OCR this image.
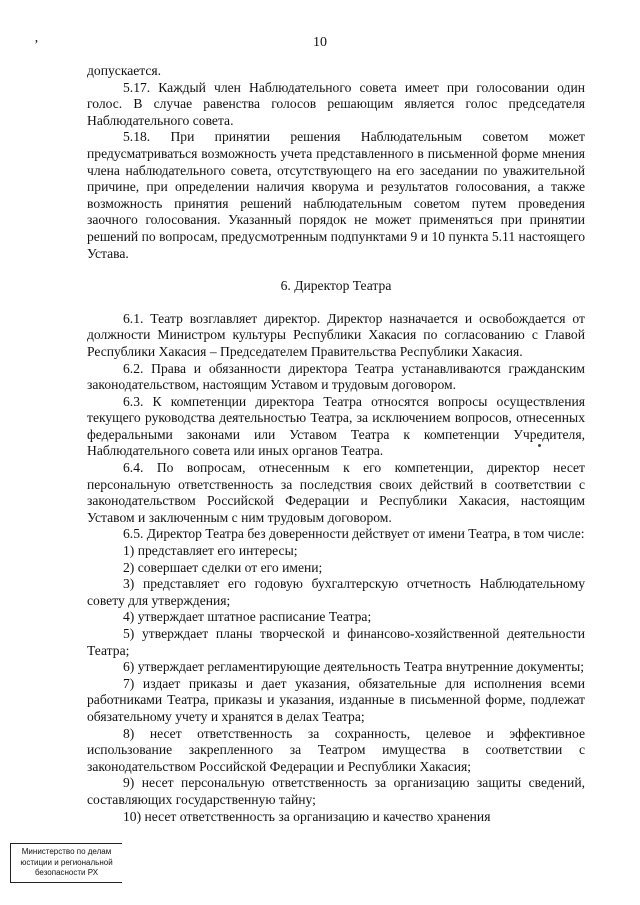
ʼ	10

допускается.

5.17. Каждый член Наблюдательного совета имеет при голосовании один голос. В случае равенства голосов решающим является голос председателя Наблюдательного совета.

5.18. При принятии решения Наблюдательным советом может предусматриваться возможность учета представленного в письменной форме мнения члена наблюдательного совета, отсутствующего на его заседании по уважительной причине, при определении наличия кворума и результатов голосования, а также возможность принятия решений наблюдательным советом путем проведения заочного голосования. Указанный порядок не может применяться при принятии решений по вопросам, предусмотренным подпунктами 9 и 10 пункта 5.11 настоящего Устава.

6. Директор Театра

6.1. Театр возглавляет директор. Директор назначается и освобождается от должности Министром культуры Республики Хакасия по согласованию с Главой Республики Хакасия – Председателем Правительства Республики Хакасия.

6.2. Права и обязанности директора Театра устанавливаются гражданским законодательством, настоящим Уставом и трудовым договором.

6.3. К компетенции директора Театра относятся вопросы осуществления текущего руководства деятельностью Театра, за исключением вопросов, отнесенных федеральными законами или Уставом Театра к компетенции Учредителя, Наблюдательного совета или иных органов Театра.

6.4. По вопросам, отнесенным к его компетенции, директор несет персональную ответственность за последствия своих действий в соответствии с законодательством Российской Федерации и Республики Хакасия, настоящим Уставом и заключенным с ним трудовым договором.

6.5. Директор Театра без доверенности действует от имени Театра, в том числе:

1) представляет его интересы;

2) совершает сделки от его имени;

3) представляет его годовую бухгалтерскую отчетность Наблюдательному совету для утверждения;

4) утверждает штатное расписание Театра;

5) утверждает планы творческой и финансово-хозяйственной деятельности Театра;

6) утверждает регламентирующие деятельность Театра внутренние документы;

7) издает приказы и дает указания, обязательные для исполнения всеми работниками Театра, приказы и указания, изданные в письменной форме, подлежат обязательному учету и хранятся в делах Театра;

8) несет ответственность за сохранность, целевое и эффективное использование закрепленного за Театром имущества в соответствии с законодательством Российской Федерации и Республики Хакасия;

9) несет персональную ответственность за организацию защиты сведений, составляющих государственную тайну;

10) несет ответственность за организацию и качество хранения

Министерство по делам
юстиции и региональной
безопасности РХ
